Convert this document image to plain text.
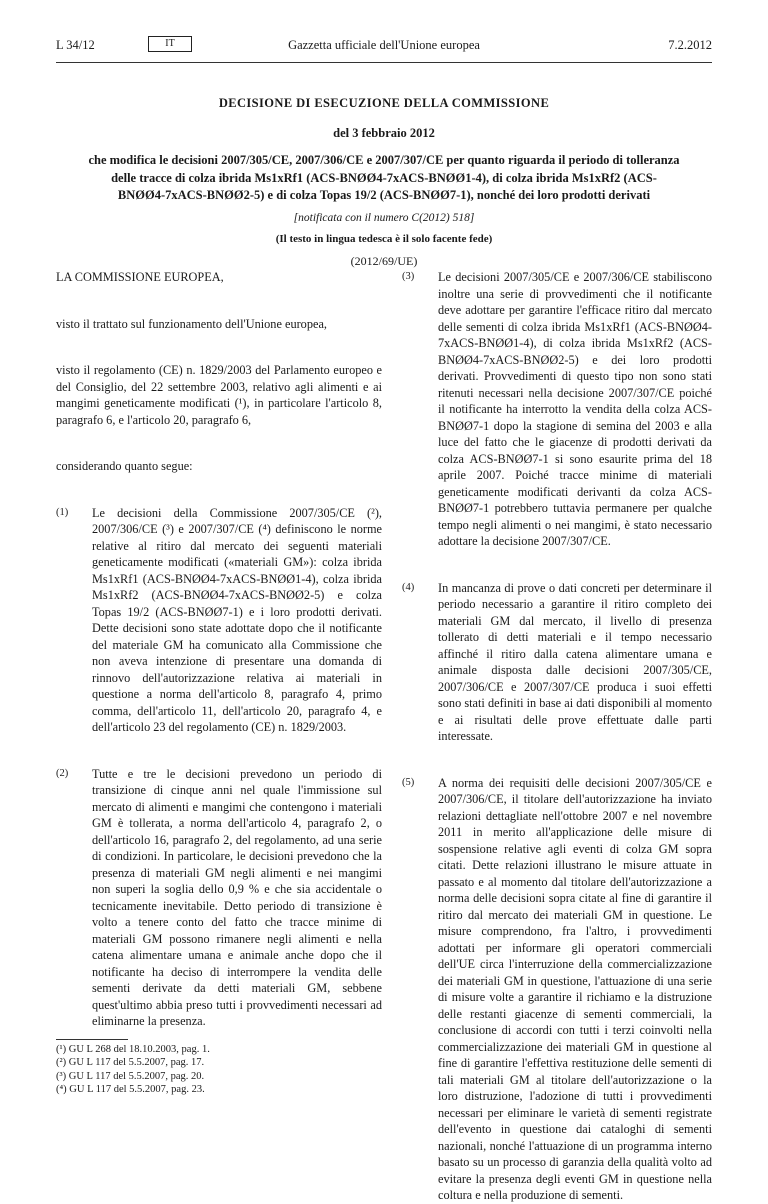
L 34/12	IT	Gazzetta ufficiale dell'Unione europea	7.2.2012

DECISIONE DI ESECUZIONE DELLA COMMISSIONE

del 3 febbraio 2012

che modifica le decisioni 2007/305/CE, 2007/306/CE e 2007/307/CE per quanto riguarda il periodo di tolleranza delle tracce di colza ibrida Ms1xRf1 (ACS-BNØØ4-7xACS-BNØØ1-4), di colza ibrida Ms1xRf2 (ACS-BNØØ4-7xACS-BNØØ2-5) e di colza Topas 19/2 (ACS-BNØØ7-1), nonché dei loro prodotti derivati

[notificata con il numero C(2012) 518]

(Il testo in lingua tedesca è il solo facente fede)

(2012/69/UE)

LA COMMISSIONE EUROPEA,

visto il trattato sul funzionamento dell'Unione europea,

visto il regolamento (CE) n. 1829/2003 del Parlamento europeo e del Consiglio, del 22 settembre 2003, relativo agli alimenti e ai mangimi geneticamente modificati (¹), in particolare l'articolo 8, paragrafo 6, e l'articolo 20, paragrafo 6,

considerando quanto segue:

(1) Le decisioni della Commissione 2007/305/CE (²), 2007/306/CE (³) e 2007/307/CE (⁴) definiscono le norme relative al ritiro dal mercato dei seguenti materiali geneticamente modificati («materiali GM»): colza ibrida Ms1xRf1 (ACS-BNØØ4-7xACS-BNØØ1-4), colza ibrida Ms1xRf2 (ACS-BNØØ4-7xACS-BNØØ2-5) e colza Topas 19/2 (ACS-BNØØ7-1) e i loro prodotti derivati. Dette decisioni sono state adottate dopo che il notificante del materiale GM ha comunicato alla Commissione che non aveva intenzione di presentare una domanda di rinnovo dell'autorizzazione relativa ai materiali in questione a norma dell'articolo 8, paragrafo 4, primo comma, dell'articolo 11, dell'articolo 20, paragrafo 4, e dell'articolo 23 del regolamento (CE) n. 1829/2003.
(2) Tutte e tre le decisioni prevedono un periodo di transizione di cinque anni nel quale l'immissione sul mercato di alimenti e mangimi che contengono i materiali GM è tollerata, a norma dell'articolo 4, paragrafo 2, o dell'articolo 16, paragrafo 2, del regolamento, ad una serie di condizioni. In particolare, le decisioni prevedono che la presenza di materiali GM negli alimenti e nei mangimi non superi la soglia dello 0,9 % e che sia accidentale o tecnicamente inevitabile. Detto periodo di transizione è volto a tenere conto del fatto che tracce minime di materiali GM possono rimanere negli alimenti e nella catena alimentare umana e animale anche dopo che il notificante ha deciso di interrompere la vendita delle sementi derivate da detti materiali GM, sebbene quest'ultimo abbia preso tutti i provvedimenti necessari ad eliminarne la presenza.

(¹) GU L 268 del 18.10.2003, pag. 1.

(²) GU L 117 del 5.5.2007, pag. 17.

(³) GU L 117 del 5.5.2007, pag. 20.

(⁴) GU L 117 del 5.5.2007, pag. 23.

(3) Le decisioni 2007/305/CE e 2007/306/CE stabiliscono inoltre una serie di provvedimenti che il notificante deve adottare per garantire l'efficace ritiro dal mercato delle sementi di colza ibrida Ms1xRf1 (ACS-BNØØ4-7xACS-BNØØ1-4), di colza ibrida Ms1xRf2 (ACS-BNØØ4-7xACS-BNØØ2-5) e dei loro prodotti derivati. Provvedimenti di questo tipo non sono stati ritenuti necessari nella decisione 2007/307/CE poiché il notificante ha interrotto la vendita della colza ACS-BNØØ7-1 dopo la stagione di semina del 2003 e alla luce del fatto che le giacenze di prodotti derivati da colza ACS-BNØØ7-1 si sono esaurite prima del 18 aprile 2007. Poiché tracce minime di materiali geneticamente modificati derivanti da colza ACS-BNØØ7-1 potrebbero tuttavia permanere per qualche tempo negli alimenti o nei mangimi, è stato necessario adottare la decisione 2007/307/CE.
(4) In mancanza di prove o dati concreti per determinare il periodo necessario a garantire il ritiro completo dei materiali GM dal mercato, il livello di presenza tollerato di detti materiali e il tempo necessario affinché il ritiro dalla catena alimentare umana e animale disposta dalle decisioni 2007/305/CE, 2007/306/CE e 2007/307/CE produca i suoi effetti sono stati definiti in base ai dati disponibili al momento e ai risultati delle prove effettuate dalle parti interessate.
(5) A norma dei requisiti delle decisioni 2007/305/CE e 2007/306/CE, il titolare dell'autorizzazione ha inviato relazioni dettagliate nell'ottobre 2007 e nel novembre 2011 in merito all'applicazione delle misure di sospensione relative agli eventi di colza GM sopra citati. Dette relazioni illustrano le misure attuate in passato e al momento dal titolare dell'autorizzazione a norma delle decisioni sopra citate al fine di garantire il ritiro dal mercato dei materiali GM in questione. Le misure comprendono, fra l'altro, i provvedimenti adottati per informare gli operatori commerciali dell'UE circa l'interruzione della commercializzazione dei materiali GM in questione, l'attuazione di una serie di misure volte a garantire il richiamo e la distruzione delle restanti giacenze di sementi commerciali, la conclusione di accordi con tutti i terzi coinvolti nella commercializzazione dei materiali GM in questione al fine di garantire l'effettiva restituzione delle sementi di tali materiali GM al titolare dell'autorizzazione o la loro distruzione, l'adozione di tutti i provvedimenti necessari per eliminare le varietà di sementi registrate dell'evento in questione dai cataloghi di sementi nazionali, nonché l'attuazione di un programma interno basato su un processo di garanzia della qualità volto ad evitare la presenza degli eventi GM in questione nella coltura e nella produzione di sementi.
